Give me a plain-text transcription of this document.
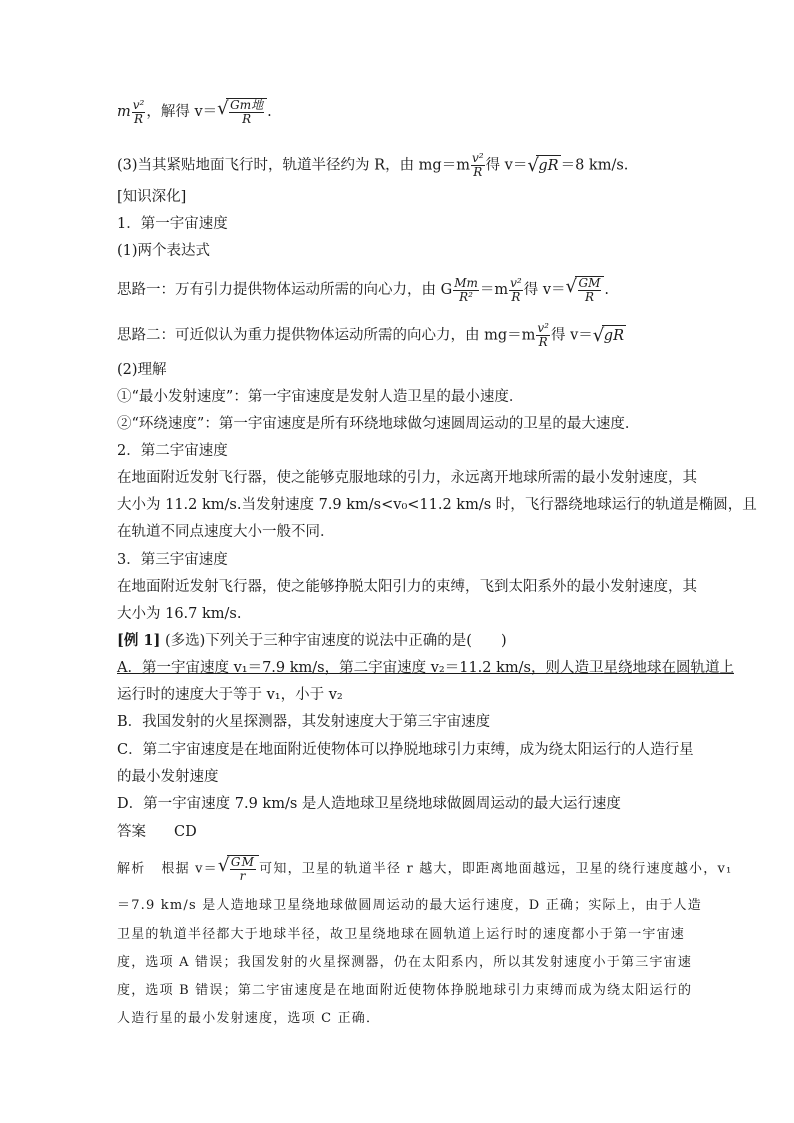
m $\frac{\text{v²}}{R}$ ，解得 v＝ √ $\frac{\text{Gm地}}{R}$ .
(3)当其紧贴地面飞行时，轨道半径约为 R，由 $mg=m \frac{\text{v²}}{R}$ 得 v＝ √ gR ＝8 km/s.
[知识深化]
1．第一宇宙速度
(1)两个表达式
思路一：万有引力提供物体运动所需的向心力，由 G $\frac{Mm}{\text{R²}} =m \frac{\text{v²}}{R}$ 得 v＝ √ $\frac{GM}{R}$ .
思路二：可近似认为重力提供物体运动所需的向心力，由 $mg=m \frac{\text{v²}}{R}$ 得 v＝ √ gR
(2)理解
①“最小发射速度”：第一宇宙速度是发射人造卫星的最小速度．
②“环绕速度”：第一宇宙速度是所有环绕地球做匀速圆周运动的卫星的最大速度．
2．第二宇宙速度
在地面附近发射飞行器，使之能够克服地球的引力，永远离开地球所需的最小发射速度，其
大小为 11.2 km/s.当发射速度 7.9 km/s<v₀<11.2 km/s 时，飞行器绕地球运行的轨道是椭圆，且
在轨道不同点速度大小一般不同．
3．第三宇宙速度
在地面附近发射飞行器，使之能够挣脱太阳引力的束缚，飞到太阳系外的最小发射速度，其
大小为 16.7 km/s.
[例 1] (多选)下列关于三种宇宙速度的说法中正确的是(　　)
A．第一宇宙速度 v₁＝7.9 km/s，第二宇宙速度 v₂＝11.2 km/s，则人造卫星绕地球在圆轨道上
运行时的速度大于等于 v₁，小于 v₂
B．我国发射的火星探测器，其发射速度大于第三宇宙速度
C．第二宇宙速度是在地面附近使物体可以挣脱地球引力束缚，成为绕太阳运行的人造行星
的最小发射速度
D．第一宇宙速度 7.9 km/s 是人造地球卫星绕地球做圆周运动的最大运行速度
答案 CD
解析 根据 v＝ √ $\frac{GM}{r}$ 可知，卫星的轨道半径 r 越大，即距离地面越远，卫星的绕行速度越小，v₁
＝7.9 km/s 是人造地球卫星绕地球做圆周运动的最大运行速度，D 正确；实际上，由于人造
卫星的轨道半径都大于地球半径，故卫星绕地球在圆轨道上运行时的速度都小于第一宇宙速
度，选项 A 错误；我国发射的火星探测器，仍在太阳系内，所以其发射速度小于第三宇宙速
度，选项 B 错误；第二宇宙速度是在地面附近使物体挣脱地球引力束缚而成为绕太阳运行的
人造行星的最小发射速度，选项 C 正确．
